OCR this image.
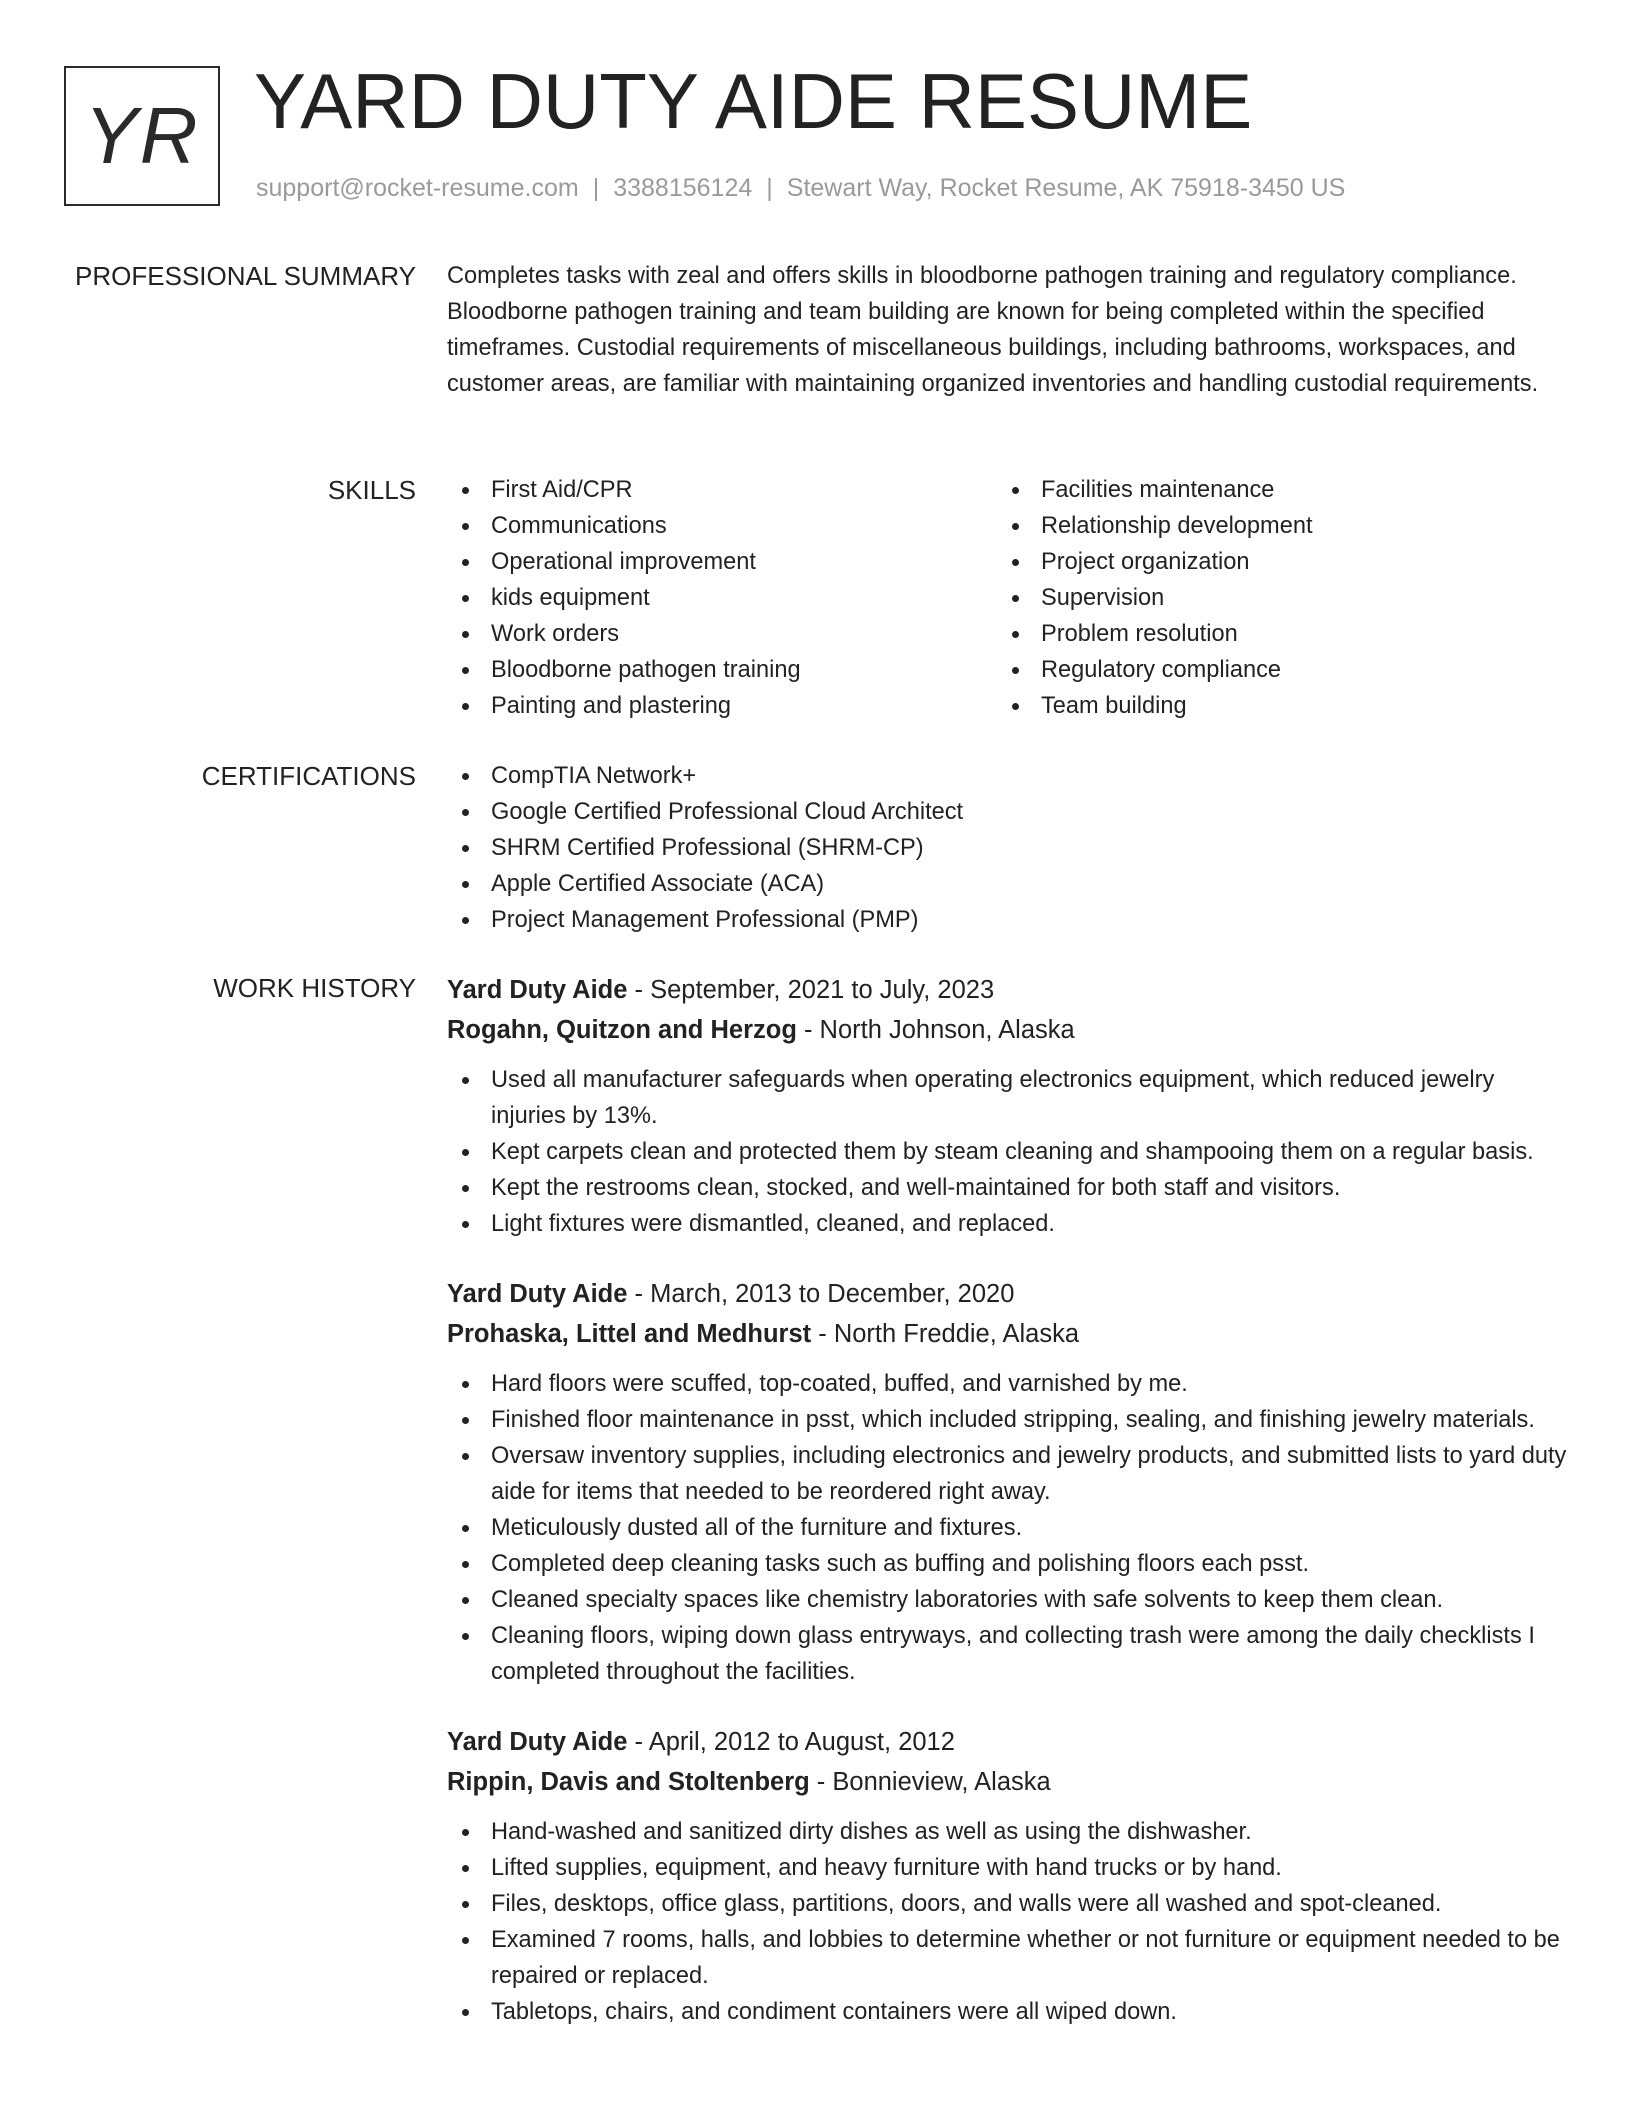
YR YARD DUTY AIDE RESUME
support@rocket-resume.com | 3388156124 | Stewart Way, Rocket Resume, AK 75918-3450 US
PROFESSIONAL SUMMARY Completes tasks with zeal and offers skills in bloodborne pathogen training and regulatory compliance. Bloodborne pathogen training and team building are known for being completed within the specified timeframes. Custodial requirements of miscellaneous buildings, including bathrooms, workspaces, and customer areas, are familiar with maintaining organized inventories and handling custodial requirements.

SKILLS	First Aid/CPR
Communications
Operational improvement
kids equipment
Work orders
Bloodborne pathogen training
Painting and plastering
Facilities maintenance
Relationship development
Project organization
Supervision
Problem resolution
Regulatory compliance
Team building
CERTIFICATIONS	CompTIA Network+
Google Certified Professional Cloud Architect
SHRM Certified Professional (SHRM-CP)
Apple Certified Associate (ACA)
Project Management Professional (PMP)
WORK HISTORY Yard Duty Aide - September, 2021 to July, 2023
Rogahn, Quitzon and Herzog - North Johnson, Alaska
Used all manufacturer safeguards when operating electronics equipment, which reduced jewelry injuries by 13%.
Kept carpets clean and protected them by steam cleaning and shampooing them on a regular basis.
Kept the restrooms clean, stocked, and well-maintained for both staff and visitors.
Light fixtures were dismantled, cleaned, and replaced.
Yard Duty Aide - March, 2013 to December, 2020
Prohaska, Littel and Medhurst - North Freddie, Alaska
Hard floors were scuffed, top-coated, buffed, and varnished by me.
Finished floor maintenance in psst, which included stripping, sealing, and finishing jewelry materials.
Oversaw inventory supplies, including electronics and jewelry products, and submitted lists to yard duty aide for items that needed to be reordered right away.
Meticulously dusted all of the furniture and fixtures.
Completed deep cleaning tasks such as buffing and polishing floors each psst.
Cleaned specialty spaces like chemistry laboratories with safe solvents to keep them clean.
Cleaning floors, wiping down glass entryways, and collecting trash were among the daily checklists I completed throughout the facilities.
Yard Duty Aide - April, 2012 to August, 2012
Rippin, Davis and Stoltenberg - Bonnieview, Alaska
Hand-washed and sanitized dirty dishes as well as using the dishwasher.
Lifted supplies, equipment, and heavy furniture with hand trucks or by hand.
Files, desktops, office glass, partitions, doors, and walls were all washed and spot-cleaned.
Examined 7 rooms, halls, and lobbies to determine whether or not furniture or equipment needed to be repaired or replaced.
Tabletops, chairs, and condiment containers were all wiped down.
